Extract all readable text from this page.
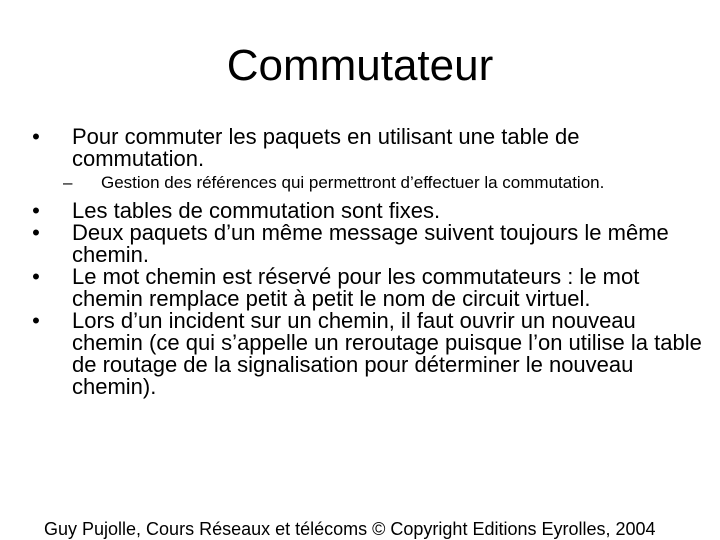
Commutateur
• Pour commuter les paquets en utilisant une table de commutation.
– Gestion des références qui permettront d’effectuer la commutation.
• Les tables de commutation sont fixes.
• Deux paquets d’un même message suivent toujours le même chemin.
• Le mot chemin est réservé pour les commutateurs : le mot chemin remplace petit à petit le nom de circuit virtuel.
• Lors d’un incident sur un chemin, il faut ouvrir un nouveau chemin (ce qui s’appelle un reroutage puisque l’on utilise la table de routage de la signalisation pour déterminer le nouveau chemin).
Guy Pujolle, Cours Réseaux et télécoms © Copyright Editions Eyrolles, 2004
